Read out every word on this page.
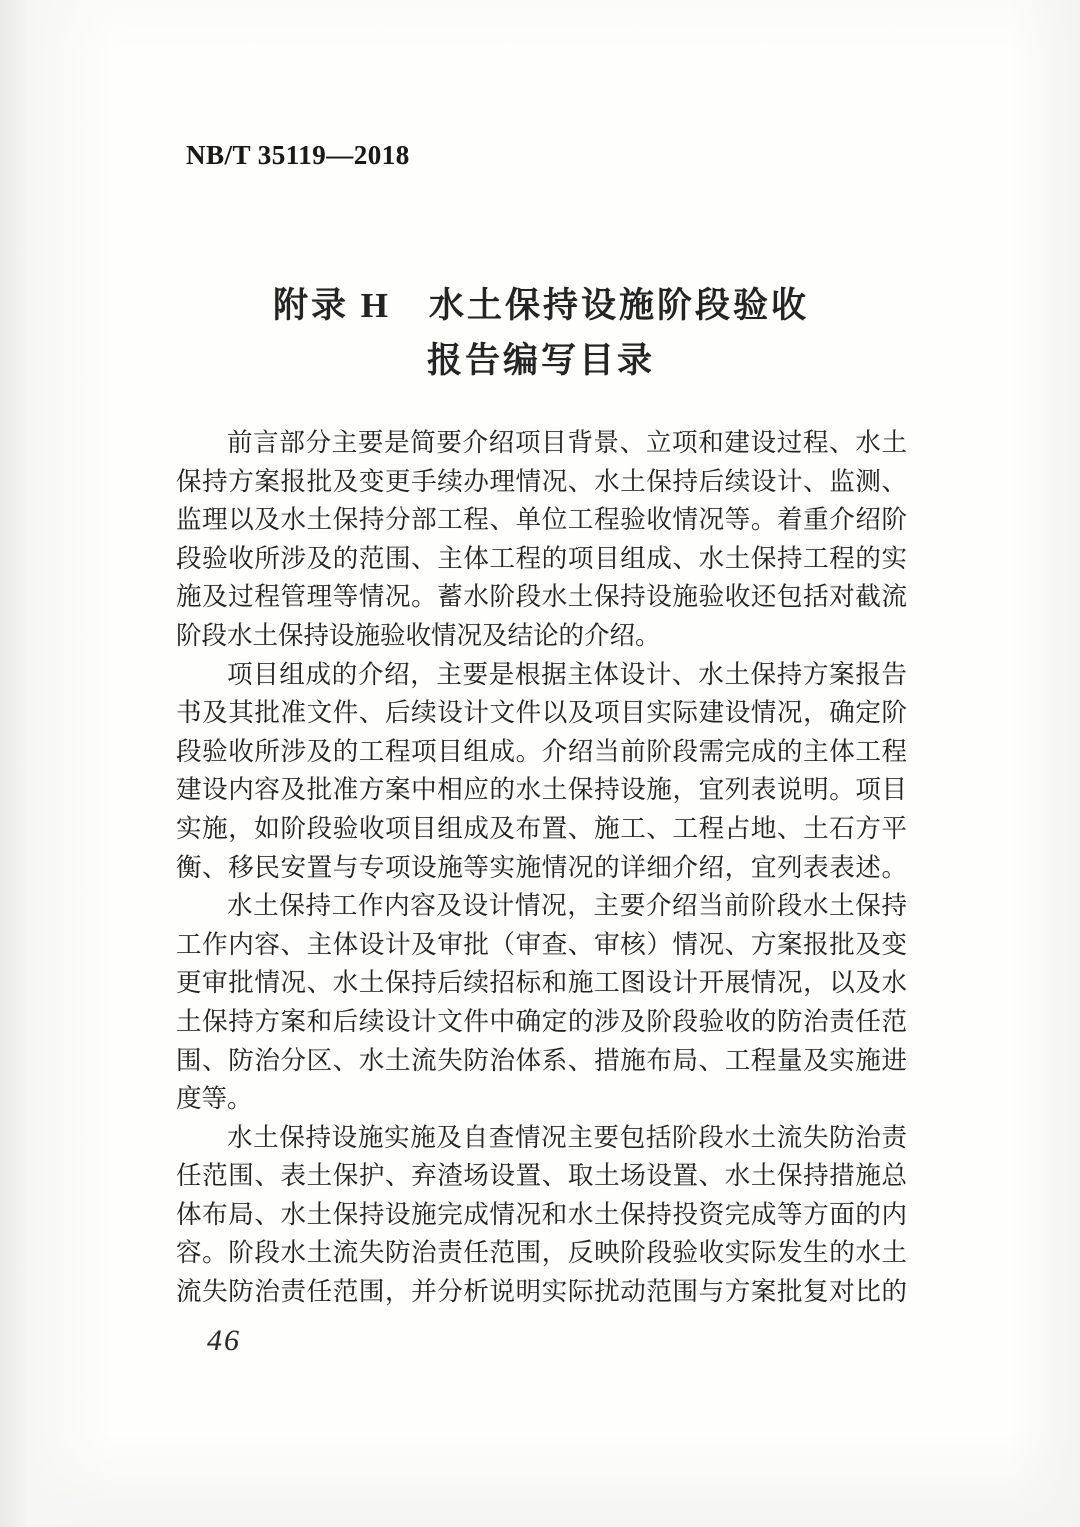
NB/T 35119—2018
附录 H　水土保持设施阶段验收
报告编写目录
前言部分主要是简要介绍项目背景、立项和建设过程、水土
保持方案报批及变更手续办理情况、水土保持后续设计、监测、
监理以及水土保持分部工程、单位工程验收情况等。着重介绍阶
段验收所涉及的范围、主体工程的项目组成、水土保持工程的实
施及过程管理等情况。蓄水阶段水土保持设施验收还包括对截流
阶段水土保持设施验收情况及结论的介绍。
项目组成的介绍，主要是根据主体设计、水土保持方案报告
书及其批准文件、后续设计文件以及项目实际建设情况，确定阶
段验收所涉及的工程项目组成。介绍当前阶段需完成的主体工程
建设内容及批准方案中相应的水土保持设施，宜列表说明。项目
实施，如阶段验收项目组成及布置、施工、工程占地、土石方平
衡、移民安置与专项设施等实施情况的详细介绍，宜列表表述。
水土保持工作内容及设计情况，主要介绍当前阶段水土保持
工作内容、主体设计及审批（审查、审核）情况、方案报批及变
更审批情况、水土保持后续招标和施工图设计开展情况，以及水
土保持方案和后续设计文件中确定的涉及阶段验收的防治责任范
围、防治分区、水土流失防治体系、措施布局、工程量及实施进
度等。
水土保持设施实施及自查情况主要包括阶段水土流失防治责
任范围、表土保护、弃渣场设置、取土场设置、水土保持措施总
体布局、水土保持设施完成情况和水土保持投资完成等方面的内
容。阶段水土流失防治责任范围，反映阶段验收实际发生的水土
流失防治责任范围，并分析说明实际扰动范围与方案批复对比的
46
